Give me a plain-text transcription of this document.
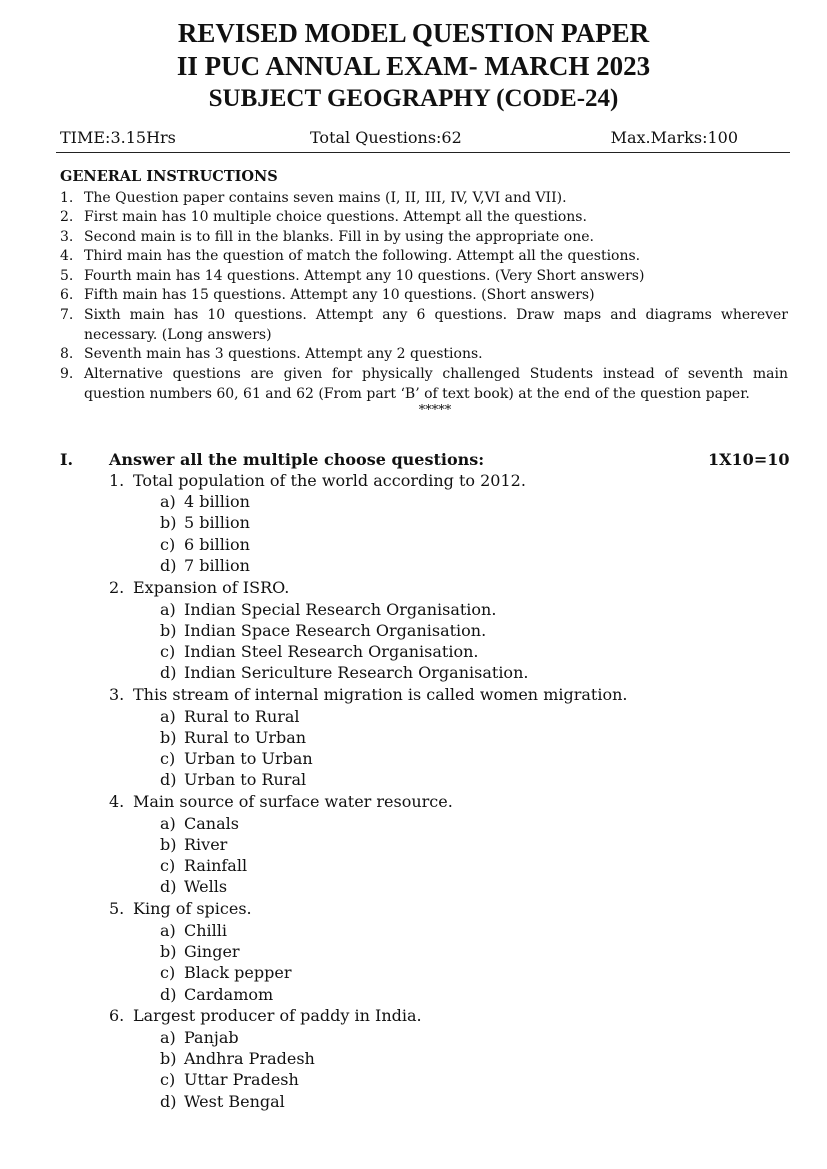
REVISED MODEL QUESTION PAPER
II PUC ANNUAL EXAM- MARCH 2023
SUBJECT GEOGRAPHY (CODE-24)
TIME:3.15Hrs	Total Questions:62	Max.Marks:100
GENERAL INSTRUCTIONS
1. The Question paper contains seven mains (I, II, III, IV, V,VI and VII).
2. First main has 10 multiple choice questions. Attempt all the questions.
3. Second main is to fill in the blanks. Fill in by using the appropriate one.
4. Third main has the question of match the following. Attempt all the questions.
5. Fourth main has 14 questions. Attempt any 10 questions. (Very Short answers)
6. Fifth main has 15 questions. Attempt any 10 questions. (Short answers)
7. Sixth main has 10 questions. Attempt any 6 questions. Draw maps and diagrams wherever necessary. (Long answers)
8. Seventh main has 3 questions. Attempt any 2 questions.
9. Alternative questions are given for physically challenged Students instead of seventh main question numbers 60, 61 and 62 (From part ‘B’ of text book) at the end of the question paper.
*****
I. Answer all the multiple choose questions:	1X10=10
1. Total population of the world according to 2012.
a) 4 billion
b) 5 billion
c) 6 billion
d) 7 billion
2. Expansion of ISRO.
a) Indian Special Research Organisation.
b) Indian Space Research Organisation.
c) Indian Steel Research Organisation.
d) Indian Sericulture Research Organisation.
3. This stream of internal migration is called women migration.
a) Rural to Rural
b) Rural to Urban
c) Urban to Urban
d) Urban to Rural
4. Main source of surface water resource.
a) Canals
b) River
c) Rainfall
d) Wells
5. King of spices.
a) Chilli
b) Ginger
c) Black pepper
d) Cardamom
6. Largest producer of paddy in India.
a) Panjab
b) Andhra Pradesh
c) Uttar Pradesh
d) West Bengal
